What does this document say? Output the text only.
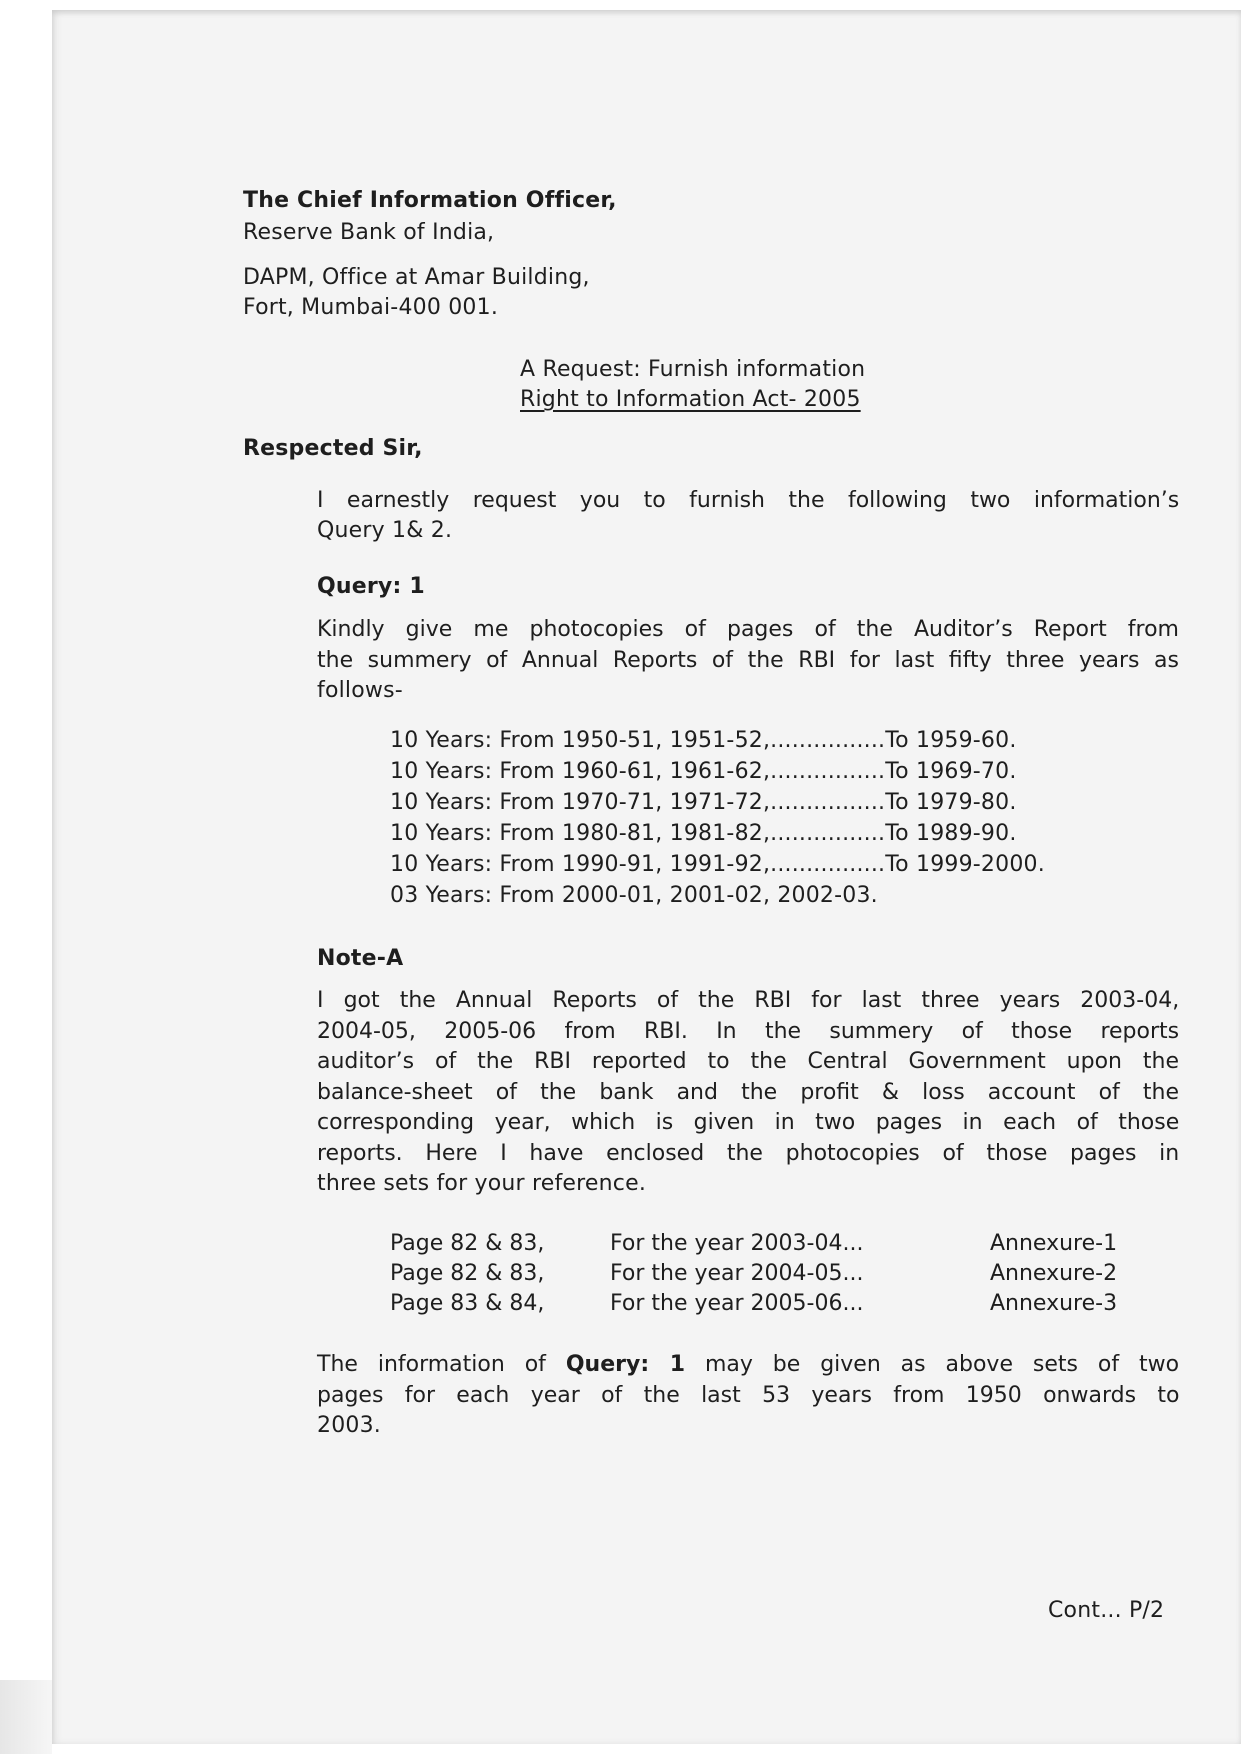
The Chief Information Officer,
Reserve Bank of India,
DAPM, Office at Amar Building,
Fort, Mumbai-400 001.
A Request: Furnish information
Right to Information Act- 2005
Respected Sir,
I earnestly request you to furnish the following two information’s
Query 1& 2.
Query: 1
Kindly give me photocopies of pages of the Auditor’s Report from
the summery of Annual Reports of the RBI for last fifty three years as
follows-
10 Years: From 1950-51, 1951-52,................To 1959-60.
10 Years: From 1960-61, 1961-62,................To 1969-70.
10 Years: From 1970-71, 1971-72,................To 1979-80.
10 Years: From 1980-81, 1981-82,................To 1989-90.
10 Years: From 1990-91, 1991-92,................To 1999-2000.
03 Years: From 2000-01, 2001-02, 2002-03.
Note-A
I got the Annual Reports of the RBI for last three years 2003-04,
2004-05, 2005-06 from RBI. In the summery of those reports
auditor’s of the RBI reported to the Central Government upon the
balance-sheet of the bank and the profit & loss account of the
corresponding year, which is given in two pages in each of those
reports. Here I have enclosed the photocopies of those pages in
three sets for your reference.
Page 82 & 83,	For the year 2003-04...	Annexure-1
Page 82 & 83,	For the year 2004-05...	Annexure-2
Page 83 & 84,	For the year 2005-06...	Annexure-3
The information of Query: 1 may be given as above sets of two
pages for each year of the last 53 years from 1950 onwards to
2003.
Cont... P/2
